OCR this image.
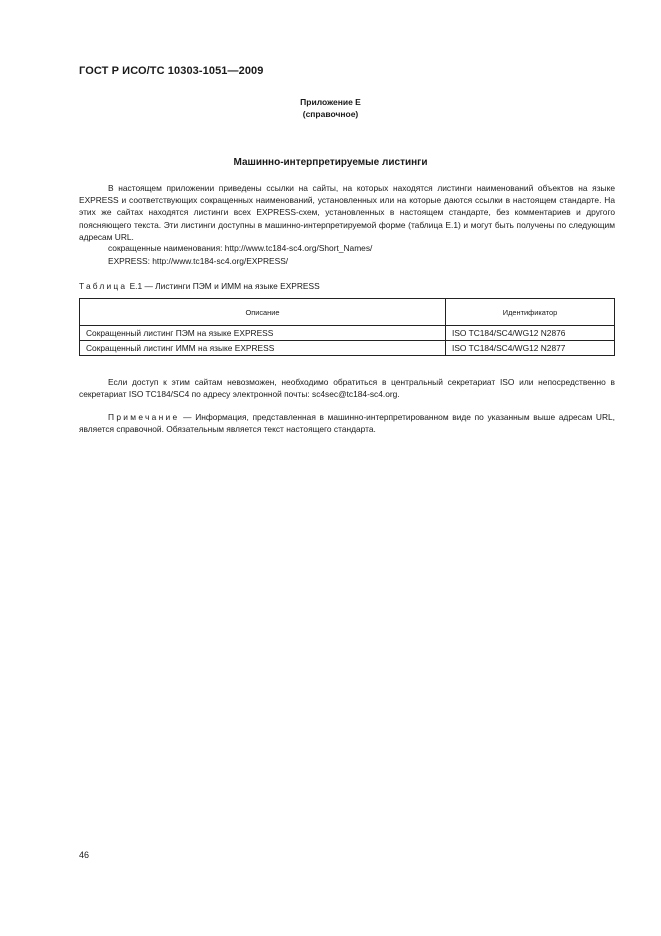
ГОСТ Р ИСО/ТС 10303-1051—2009
Приложение Е
(справочное)
Машинно-интерпретируемые листинги
В настоящем приложении приведены ссылки на сайты, на которых находятся листинги наименований объектов на языке EXPRESS и соответствующих сокращенных наименований, установленных или на которые даются ссылки в настоящем стандарте. На этих же сайтах находятся листинги всех EXPRESS-схем, установленных в настоящем стандарте, без комментариев и другого поясняющего текста. Эти листинги доступны в машинно-интерпретируемой форме (таблица Е.1) и могут быть получены по следующим адресам URL.
сокращенные наименования: http://www.tc184-sc4.org/Short_Names/
EXPRESS: http://www.tc184-sc4.org/EXPRESS/
Таблица Е.1 — Листинги ПЭМ и ИММ на языке EXPRESS
Описание	Идентификатор
Сокращенный листинг ПЭМ на языке EXPRESS	ISO TC184/SC4/WG12 N2876
Сокращенный листинг ИММ на языке EXPRESS	ISO TC184/SC4/WG12 N2877
Если доступ к этим сайтам невозможен, необходимо обратиться в центральный секретариат ISO или непосредственно в секретариат ISO TC184/SC4 по адресу электронной почты: sc4sec@tc184-sc4.org.
Примечание — Информация, представленная в машинно-интерпретированном виде по указанным выше адресам URL, является справочной. Обязательным является текст настоящего стандарта.
46
